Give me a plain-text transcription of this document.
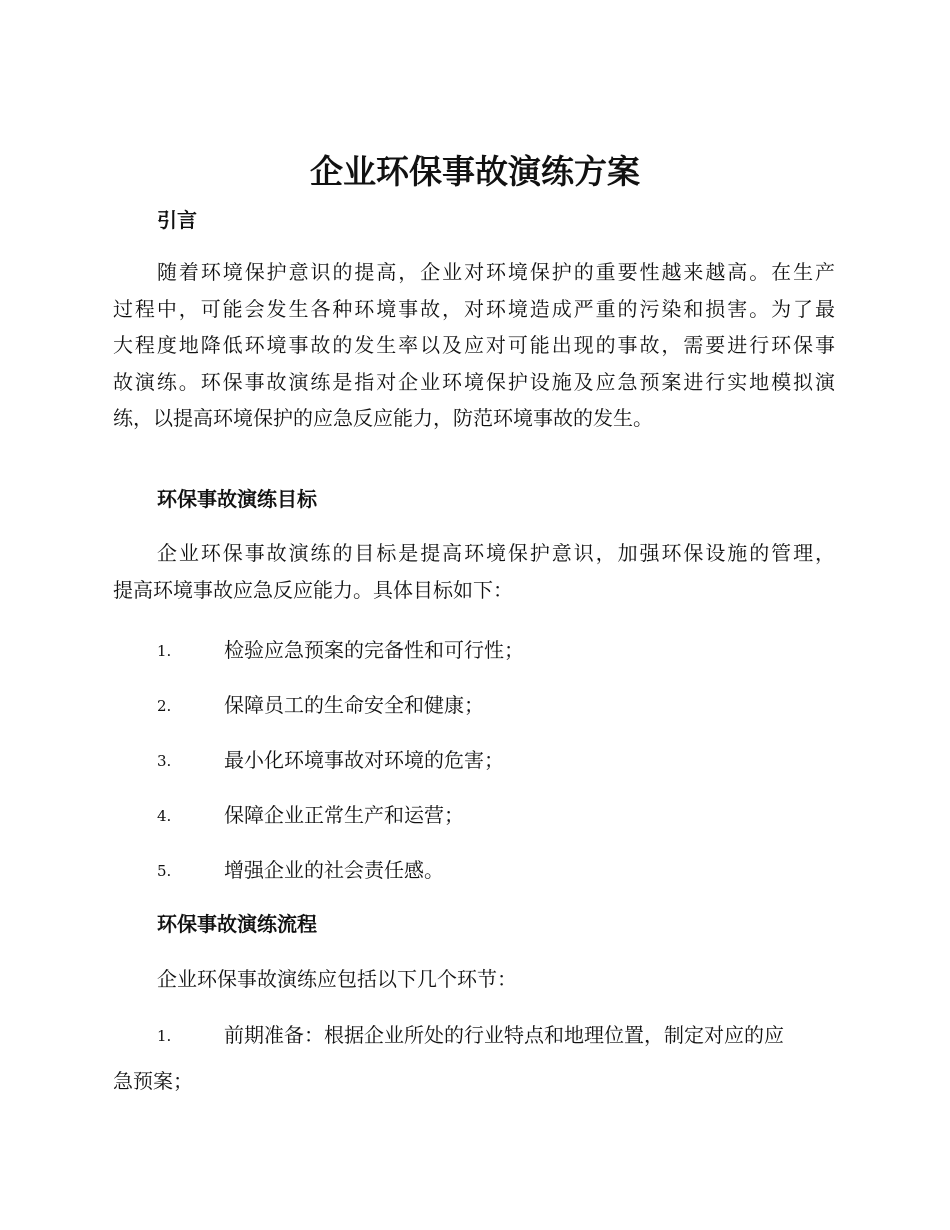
企业环保事故演练方案
引言
随着环境保护意识的提高，企业对环境保护的重要性越来越高。在生产
过程中，可能会发生各种环境事故，对环境造成严重的污染和损害。为了最
大程度地降低环境事故的发生率以及应对可能出现的事故，需要进行环保事
故演练。环保事故演练是指对企业环境保护设施及应急预案进行实地模拟演
练，以提高环境保护的应急反应能力，防范环境事故的发生。
环保事故演练目标
企业环保事故演练的目标是提高环境保护意识，加强环保设施的管理，
提高环境事故应急反应能力。具体目标如下：
1.	检验应急预案的完备性和可行性；
2.	保障员工的生命安全和健康；
3.	最小化环境事故对环境的危害；
4.	保障企业正常生产和运营；
5.	增强企业的社会责任感。
环保事故演练流程
企业环保事故演练应包括以下几个环节：
1.	前期准备：根据企业所处的行业特点和地理位置，制定对应的应
急预案；
